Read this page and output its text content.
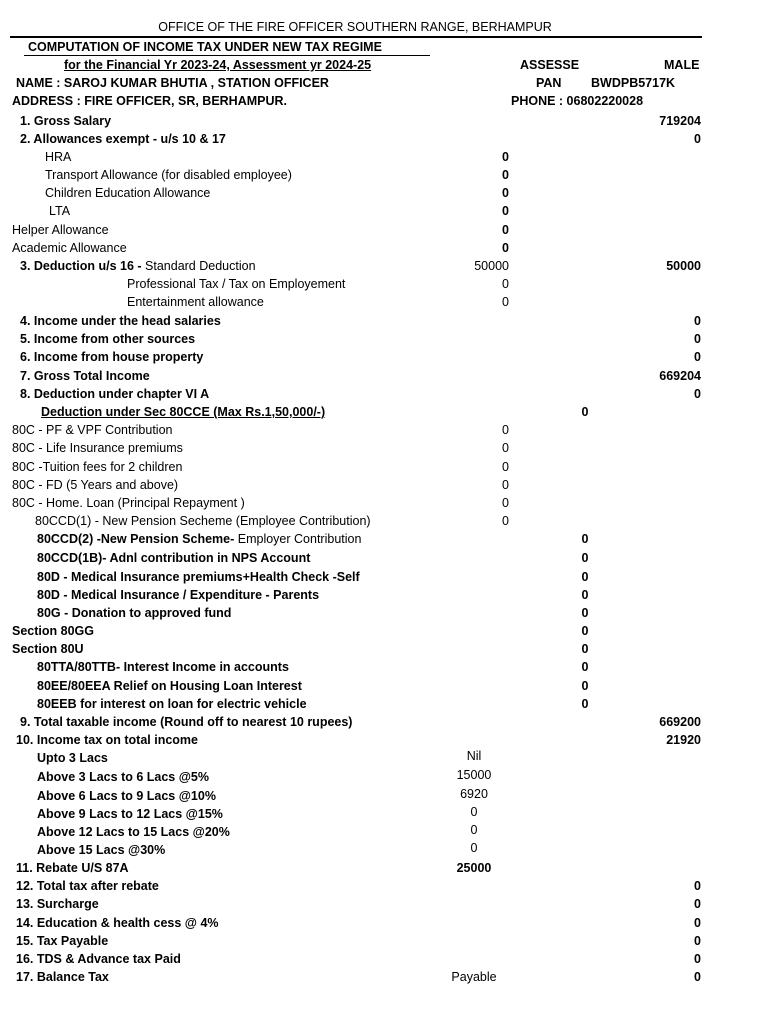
OFFICE OF THE FIRE OFFICER SOUTHERN RANGE, BERHAMPUR
COMPUTATION OF INCOME TAX UNDER NEW TAX REGIME
for the Financial Yr 2023-24, Assessment yr 2024-25	ASSESSE	MALE
NAME : SAROJ KUMAR BHUTIA , STATION OFFICER	PAN BWDPB5717K
ADDRESS : FIRE OFFICER, SR, BERHAMPUR.	PHONE : 06802220028
1. Gross Salary	719204
2. Allowances exempt - u/s 10 & 17	0
HRA	0
Transport Allowance (for disabled employee)	0
Children Education Allowance	0
LTA	0
Helper Allowance	0
Academic Allowance	0
3. Deduction u/s 16 - Standard Deduction	50000	50000
Professional Tax / Tax on Employement	0
Entertainment allowance	0
4. Income under the head salaries	0
5. Income from other sources	0
6. Income from house property	0
7. Gross Total Income	669204
8. Deduction under chapter VI A	0
Deduction under Sec 80CCE (Max Rs.1,50,000/-)	0
80C - PF & VPF Contribution	0
80C - Life Insurance premiums	0
80C -Tuition fees for 2 children	0
80C - FD (5 Years and above)	0
80C - Home. Loan (Principal Repayment )	0
80CCD(1) - New Pension Secheme (Employee Contribution)	0
80CCD(2) -New Pension Scheme- Employer Contribution	0
80CCD(1B)- Adnl contribution in NPS Account	0
80D - Medical Insurance premiums+Health Check -Self	0
80D - Medical Insurance / Expenditure - Parents	0
80G - Donation to approved fund	0
Section 80GG	0
Section 80U	0
80TTA/80TTB- Interest Income in accounts	0
80EE/80EEA Relief on Housing Loan Interest	0
80EEB for interest on loan for electric vehicle	0
9. Total taxable income (Round off to nearest 10 rupees)	669200
10. Income tax on total income	21920
Upto 3 Lacs	Nil
Above 3 Lacs to 6 Lacs @5%	15000
Above 6 Lacs to 9 Lacs @10%	6920
Above 9 Lacs to 12 Lacs @15%	0
Above 12 Lacs to 15 Lacs @20%	0
Above 15 Lacs @30%	0
11. Rebate U/S 87A	25000
12. Total tax after rebate	0
13. Surcharge	0
14. Education & health cess @ 4%	0
15. Tax Payable	0
16. TDS & Advance tax Paid	0
17. Balance Tax	Payable	0
